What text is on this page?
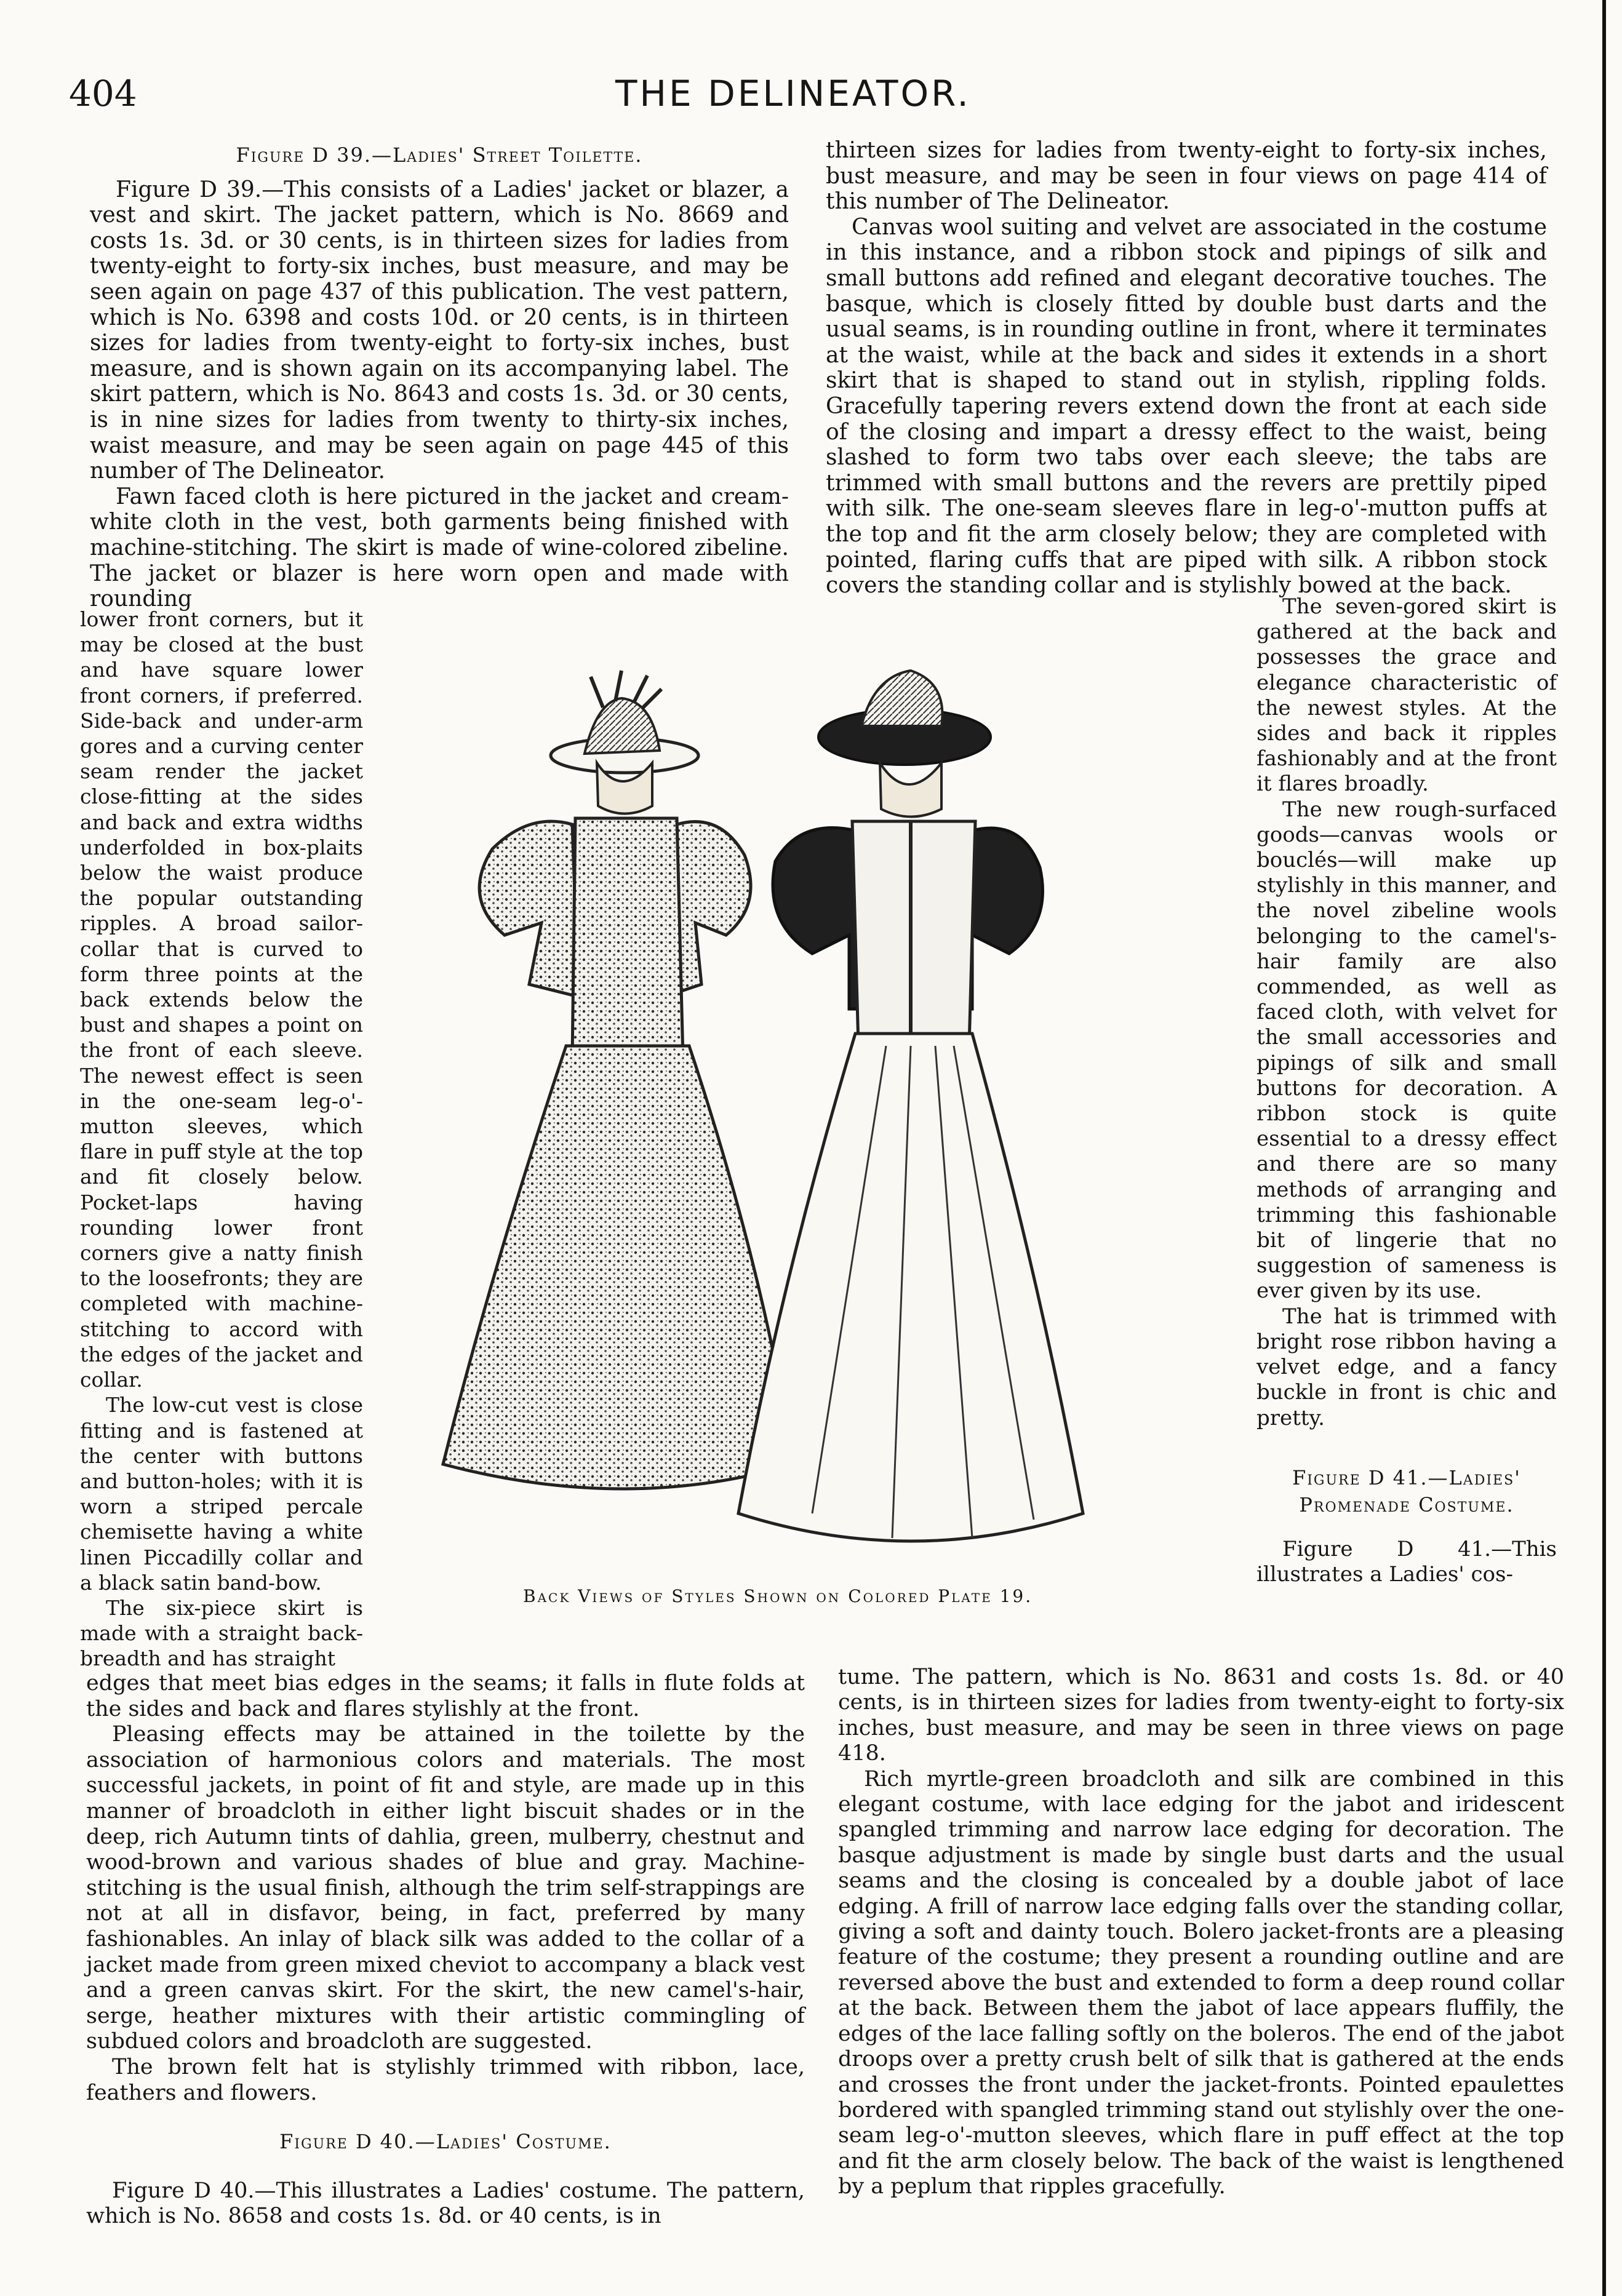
404	THE DELINEATOR.
Figure D 39.—Ladies' Street Toilette.

Figure D 39.—This consists of a Ladies' jacket or blazer, a vest and skirt. The jacket pattern, which is No. 8669 and costs 1s. 3d. or 30 cents, is in thirteen sizes for ladies from twenty-eight to forty-six inches, bust measure, and may be seen again on page 437 of this publication. The vest pattern, which is No. 6398 and costs 10d. or 20 cents, is in thirteen sizes for ladies from twenty-eight to forty-six inches, bust measure, and is shown again on its accompanying label. The skirt pattern, which is No. 8643 and costs 1s. 3d. or 30 cents, is in nine sizes for ladies from twenty to thirty-six inches, waist measure, and may be seen again on page 445 of this number of The Delineator.

Fawn faced cloth is here pictured in the jacket and cream-white cloth in the vest, both garments being finished with machine-stitching. The skirt is made of wine-colored zibeline. The jacket or blazer is here worn open and made with rounding

lower front corners, but it may be closed at the bust and have square lower front corners, if preferred. Side-back and under-arm gores and a curving center seam render the jacket close-fitting at the sides and back and extra widths underfolded in box-plaits below the waist produce the popular outstanding ripples. A broad sailor-collar that is curved to form three points at the back extends below the bust and shapes a point on the front of each sleeve. The newest effect is seen in the one-seam leg-o'-mutton sleeves, which flare in puff style at the top and fit closely below. Pocket-laps having rounding lower front corners give a natty finish to the loosefronts; they are completed with machine-stitching to accord with the edges of the jacket and collar.

The low-cut vest is close fitting and is fastened at the center with buttons and button-holes; with it is worn a striped percale chemisette having a white linen Piccadilly collar and a black satin band-bow.

The six-piece skirt is made with a straight back-breadth and has straight

edges that meet bias edges in the seams; it falls in flute folds at the sides and back and flares stylishly at the front.

Pleasing effects may be attained in the toilette by the association of harmonious colors and materials. The most successful jackets, in point of fit and style, are made up in this manner of broadcloth in either light biscuit shades or in the deep, rich Autumn tints of dahlia, green, mulberry, chestnut and wood-brown and various shades of blue and gray. Machine-stitching is the usual finish, although the trim self-strappings are not at all in disfavor, being, in fact, preferred by many fashionables. An inlay of black silk was added to the collar of a jacket made from green mixed cheviot to accompany a black vest and a green canvas skirt. For the skirt, the new camel's-hair, serge, heather mixtures with their artistic commingling of subdued colors and broadcloth are suggested.

The brown felt hat is stylishly trimmed with ribbon, lace, feathers and flowers.

Figure D 40.—Ladies' Costume.

Figure D 40.—This illustrates a Ladies' costume. The pattern, which is No. 8658 and costs 1s. 8d. or 40 cents, is in

thirteen sizes for ladies from twenty-eight to forty-six inches, bust measure, and may be seen in four views on page 414 of this number of The Delineator.

Canvas wool suiting and velvet are associated in the costume in this instance, and a ribbon stock and pipings of silk and small buttons add refined and elegant decorative touches. The basque, which is closely fitted by double bust darts and the usual seams, is in rounding outline in front, where it terminates at the waist, while at the back and sides it extends in a short skirt that is shaped to stand out in stylish, rippling folds. Gracefully tapering revers extend down the front at each side of the closing and impart a dressy effect to the waist, being slashed to form two tabs over each sleeve; the tabs are trimmed with small buttons and the revers are prettily piped with silk. The one-seam sleeves flare in leg-o'-mutton puffs at the top and fit the arm closely below; they are completed with pointed, flaring cuffs that are piped with silk. A ribbon stock covers the standing collar and is stylishly bowed at the back.

The seven-gored skirt is gathered at the back and possesses the grace and elegance characteristic of the newest styles. At the sides and back it ripples fashionably and at the front it flares broadly.

The new rough-surfaced goods—canvas wools or bouclés—will make up stylishly in this manner, and the novel zibeline wools belonging to the camel's-hair family are also commended, as well as faced cloth, with velvet for the small accessories and pipings of silk and small buttons for decoration. A ribbon stock is quite essential to a dressy effect and there are so many methods of arranging and trimming this fashionable bit of lingerie that no suggestion of sameness is ever given by its use.

The hat is trimmed with bright rose ribbon having a velvet edge, and a fancy buckle in front is chic and pretty.

Figure D 41.—Ladies' Promenade Costume.

Figure D 41.—This illustrates a Ladies' cos-

tume. The pattern, which is No. 8631 and costs 1s. 8d. or 40 cents, is in thirteen sizes for ladies from twenty-eight to forty-six inches, bust measure, and may be seen in three views on page 418.

Rich myrtle-green broadcloth and silk are combined in this elegant costume, with lace edging for the jabot and iridescent spangled trimming and narrow lace edging for decoration. The basque adjustment is made by single bust darts and the usual seams and the closing is concealed by a double jabot of lace edging. A frill of narrow lace edging falls over the standing collar, giving a soft and dainty touch. Bolero jacket-fronts are a pleasing feature of the costume; they present a rounding outline and are reversed above the bust and extended to form a deep round collar at the back. Between them the jabot of lace appears fluffily, the edges of the lace falling softly on the boleros. The end of the jabot droops over a pretty crush belt of silk that is gathered at the ends and crosses the front under the jacket-fronts. Pointed epaulettes bordered with spangled trimming stand out stylishly over the one-seam leg-o'-mutton sleeves, which flare in puff effect at the top and fit the arm closely below. The back of the waist is lengthened by a peplum that ripples gracefully.

Back Views of Styles Shown on Colored Plate 19.
